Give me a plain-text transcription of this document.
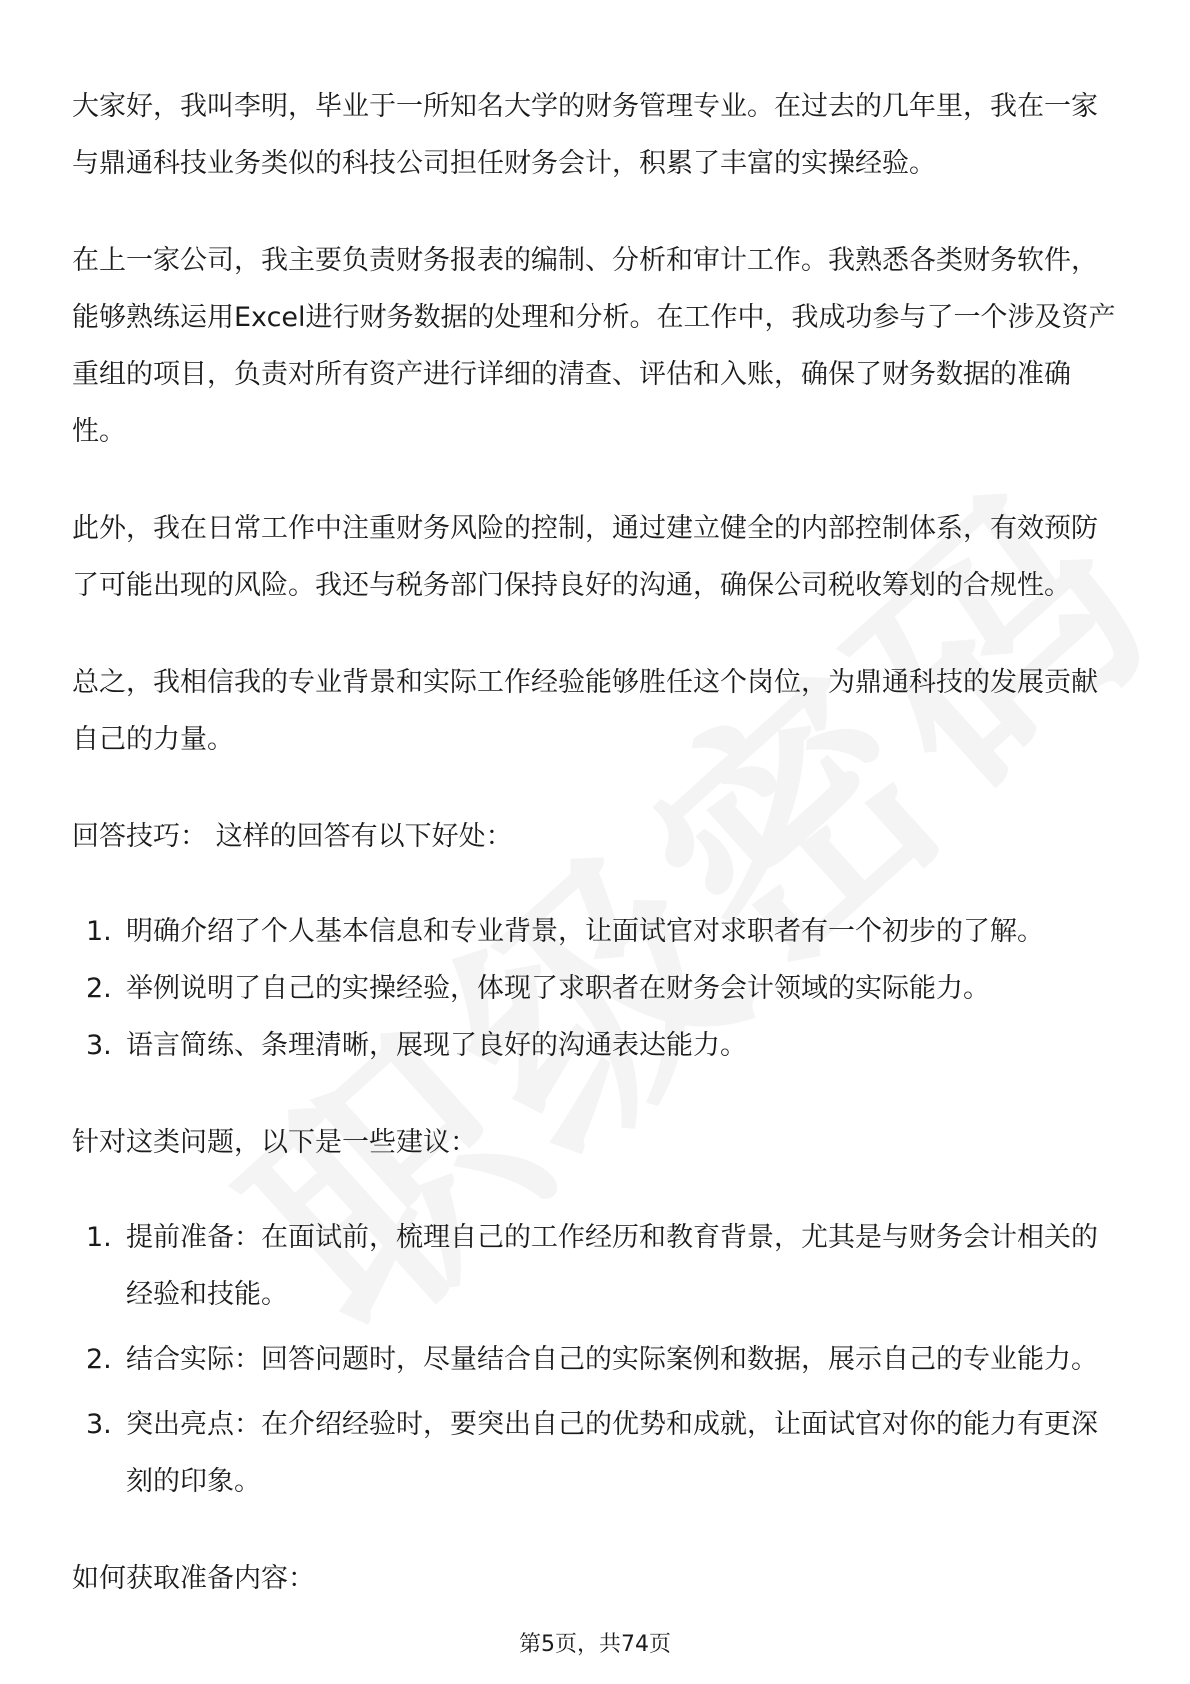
大家好，我叫李明，毕业于一所知名大学的财务管理专业。在过去的几年里，我在一家与鼎通科技业务类似的科技公司担任财务会计，积累了丰富的实操经验。

在上一家公司，我主要负责财务报表的编制、分析和审计工作。我熟悉各类财务软件，能够熟练运用Excel进行财务数据的处理和分析。在工作中，我成功参与了一个涉及资产重组的项目，负责对所有资产进行详细的清查、评估和入账，确保了财务数据的准确性。

此外，我在日常工作中注重财务风险的控制，通过建立健全的内部控制体系，有效预防了可能出现的风险。我还与税务部门保持良好的沟通，确保公司税收筹划的合规性。

总之，我相信我的专业背景和实际工作经验能够胜任这个岗位，为鼎通科技的发展贡献自己的力量。

回答技巧： 这样的回答有以下好处：

1. 明确介绍了个人基本信息和专业背景，让面试官对求职者有一个初步的了解。
2. 举例说明了自己的实操经验，体现了求职者在财务会计领域的实际能力。
3. 语言简练、条理清晰，展现了良好的沟通表达能力。

针对这类问题，以下是一些建议：

1. 提前准备：在面试前，梳理自己的工作经历和教育背景，尤其是与财务会计相关的经验和技能。
2. 结合实际：回答问题时，尽量结合自己的实际案例和数据，展示自己的专业能力。
3. 突出亮点：在介绍经验时，要突出自己的优势和成就，让面试官对你的能力有更深刻的印象。

如何获取准备内容：

第5页，共74页
